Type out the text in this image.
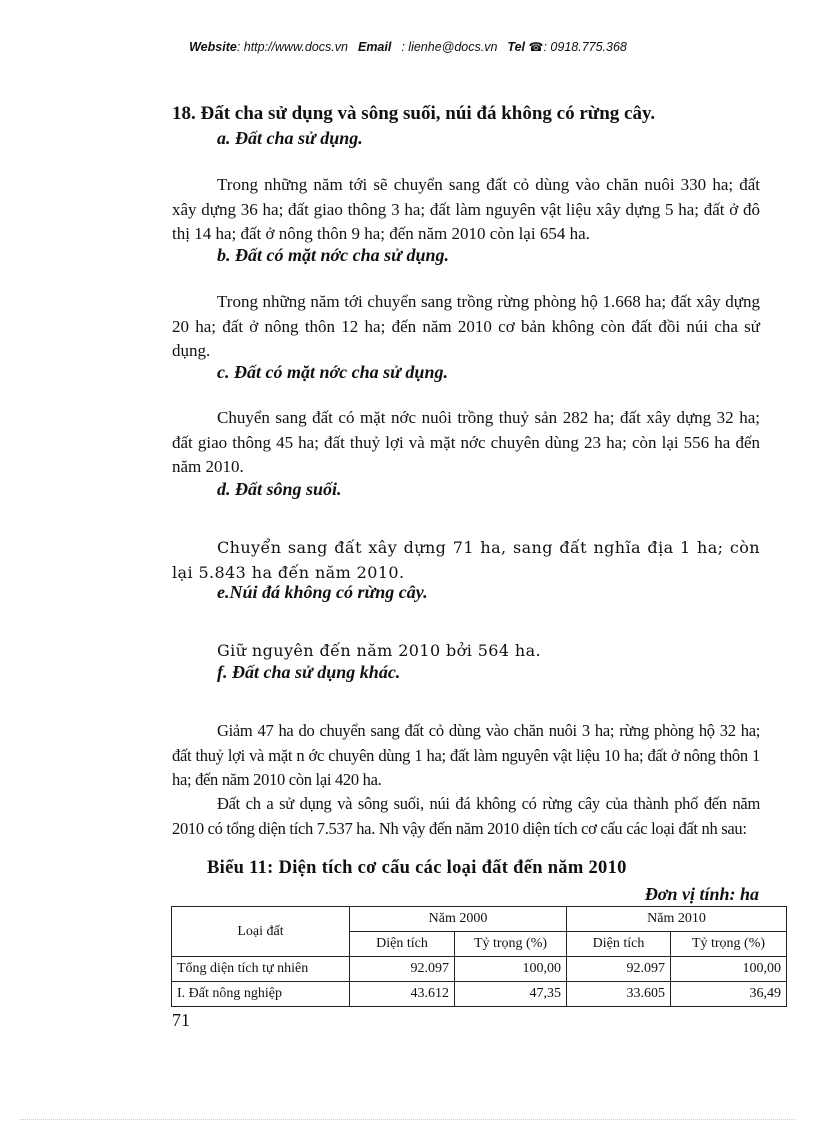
Website: http://www.docs.vn Email : lienhe@docs.vn Tel ☎: 0918.775.368
18. Đất cha sử dụng và sông suối, núi đá không có rừng cây.
a. Đất cha sử dụng.

Trong những năm tới sẽ chuyển sang đất cỏ dùng vào chăn nuôi 330 ha; đất xây dựng 36 ha; đất giao thông 3 ha; đất làm nguyên vật liệu xây dựng 5 ha; đất ở đô thị 14 ha; đất ở nông thôn 9 ha; đến năm 2010 còn lại 654 ha.

b. Đất có mặt nớc cha sử dụng.

Trong những năm tới chuyển sang trồng rừng phòng hộ 1.668 ha; đất xây dựng 20 ha; đất ở nông thôn 12 ha; đến năm 2010 cơ bản không còn đất đồi núi cha sử dụng.

c. Đất có mặt nớc cha sử dụng.

Chuyển sang đất có mặt nớc nuôi trồng thuỷ sản 282 ha; đất xây dựng 32 ha; đất giao thông 45 ha; đất thuỷ lợi và mặt nớc chuyên dùng 23 ha; còn lại 556 ha đến năm 2010.

d. Đất sông suối.

Chuyển sang đất xây dựng 71 ha, sang đất nghĩa địa 1 ha; còn lại 5.843 ha đến năm 2010.

e.Núi đá không có rừng cây.

Giữ nguyên đến năm 2010 bởi 564 ha.

f. Đất cha sử dụng khác.

Giảm 47 ha do chuyển sang đất cỏ dùng vào chăn nuôi 3 ha; rừng phòng hộ 32 ha; đất thuỷ lợi và mặt n ớc chuyên dùng 1 ha; đất làm nguyên vật liệu 10 ha; đất ở nông thôn 1 ha; đến năm 2010 còn lại 420 ha.

Đất ch a sử dụng và sông suối, núi đá không có rừng cây của thành phố đến năm 2010 có tổng diện tích 7.537 ha. Nh vậy đến năm 2010 diện tích cơ cấu các loại đất nh sau:

Biểu 11: Diện tích cơ cấu các loại đất đến năm 2010
Đơn vị tính: ha
Loại đất	Năm 2000		Năm 2010	
	Diện tích	Tỷ trọng (%)	Diện tích	Tỷ trọng (%)
Tổng diện tích tự nhiên	92.097	100,00	92.097	100,00
I. Đất nông nghiệp	43.612	47,35	33.605	36,49
71
